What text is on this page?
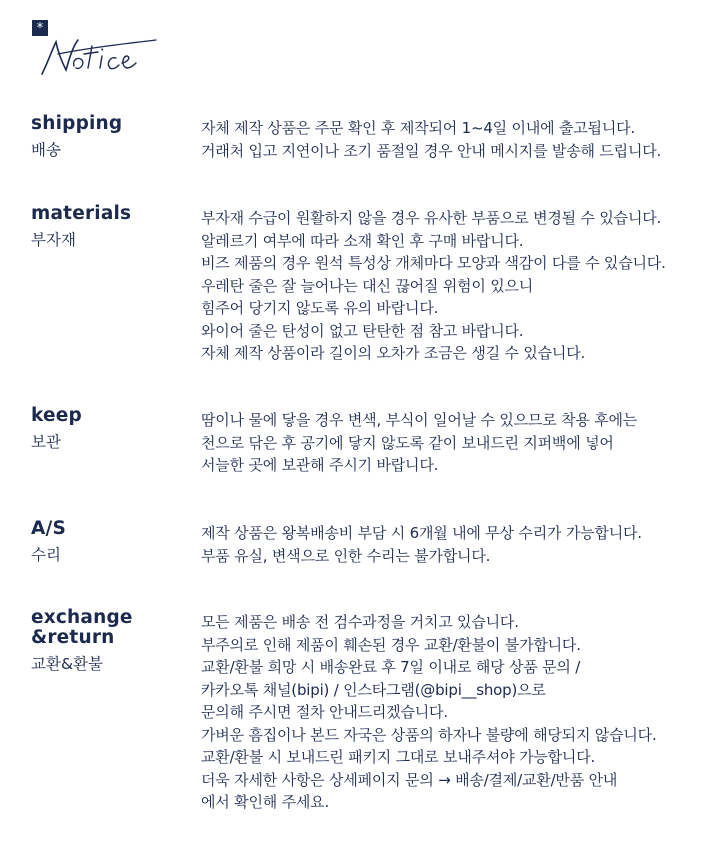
*
shipping
배송
자체 제작 상품은 주문 확인 후 제작되어 1~4일 이내에 출고됩니다.
거래처 입고 지연이나 조기 품절일 경우 안내 메시지를 발송해 드립니다.
materials
부자재
부자재 수급이 원활하지 않을 경우 유사한 부품으로 변경될 수 있습니다.
알레르기 여부에 따라 소재 확인 후 구매 바랍니다.
비즈 제품의 경우 원석 특성상 개체마다 모양과 색감이 다를 수 있습니다.
우레탄 줄은 잘 늘어나는 대신 끊어질 위험이 있으니
힘주어 당기지 않도록 유의 바랍니다.
와이어 줄은 탄성이 없고 탄탄한 점 참고 바랍니다.
자체 제작 상품이라 길이의 오차가 조금은 생길 수 있습니다.
keep
보관
땀이나 물에 닿을 경우 변색, 부식이 일어날 수 있으므로 착용 후에는
천으로 닦은 후 공기에 닿지 않도록 같이 보내드린 지퍼백에 넣어
서늘한 곳에 보관해 주시기 바랍니다.
A/S
수리
제작 상품은 왕복배송비 부담 시 6개월 내에 무상 수리가 가능합니다.
부품 유실, 변색으로 인한 수리는 불가합니다.
exchange
&return
교환&환불
모든 제품은 배송 전 검수과정을 거치고 있습니다.
부주의로 인해 제품이 훼손된 경우 교환/환불이 불가합니다.
교환/환불 희망 시 배송완료 후 7일 이내로 해당 상품 문의 /
카카오톡 채널(bipi) / 인스타그램(@bipi__shop)으로
문의해 주시면 절차 안내드리겠습니다.
가벼운 흠집이나 본드 자국은 상품의 하자나 불량에 해당되지 않습니다.
교환/환불 시 보내드린 패키지 그대로 보내주셔야 가능합니다.
더욱 자세한 사항은 상세페이지 문의 → 배송/결제/교환/반품 안내
에서 확인해 주세요.
